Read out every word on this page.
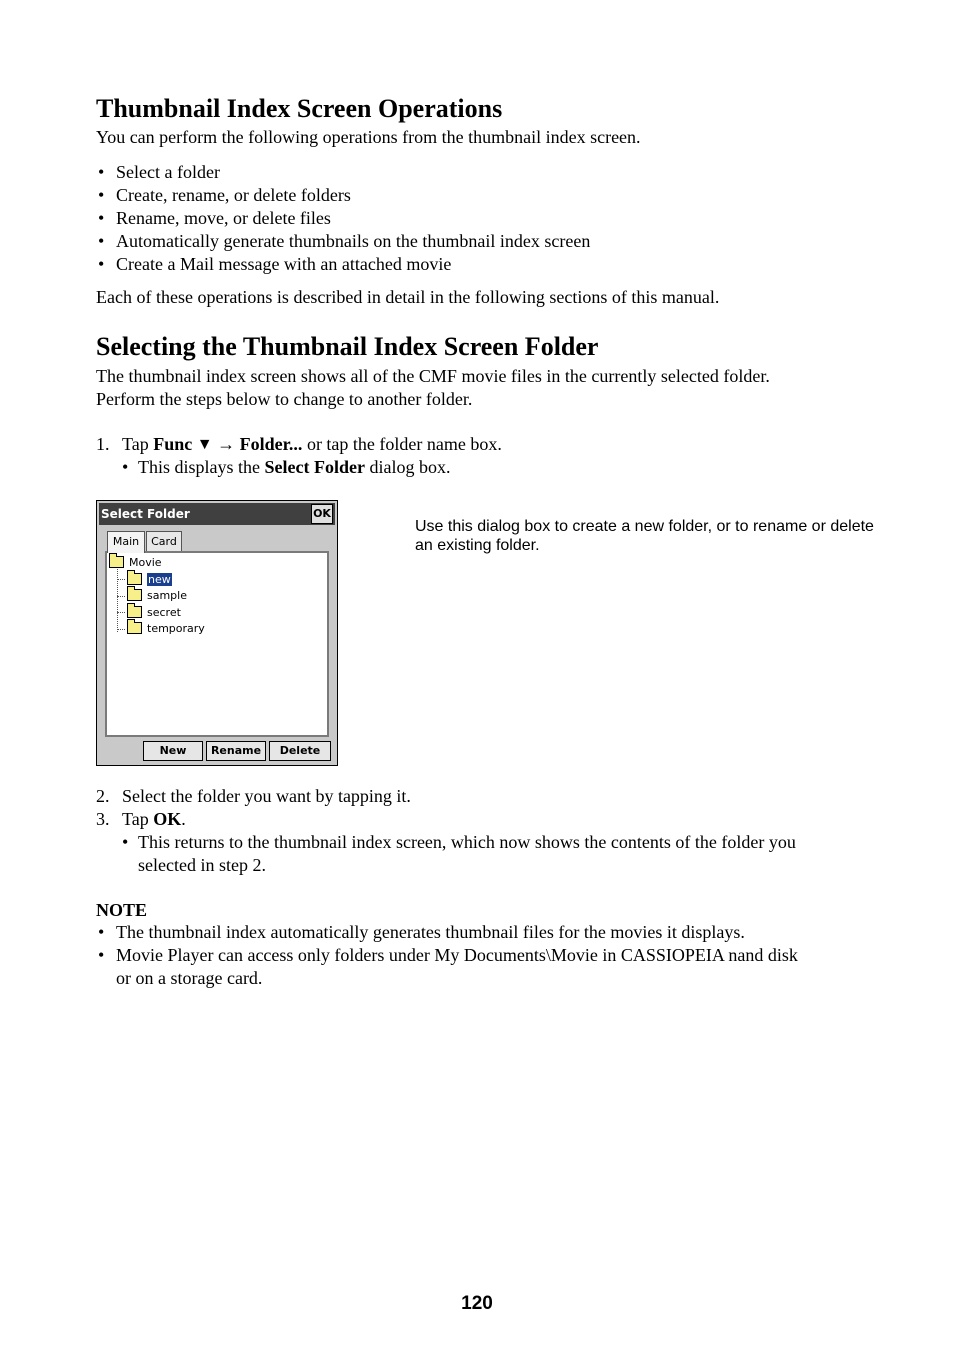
Thumbnail Index Screen Operations

You can perform the following operations from the thumbnail index screen.

• Select a folder
• Create, rename, or delete folders
• Rename, move, or delete files
• Automatically generate thumbnails on the thumbnail index screen
• Create a Mail message with an attached movie

Each of these operations is described in detail in the following sections of this manual.

Selecting the Thumbnail Index Screen Folder

The thumbnail index screen shows all of the CMF movie files in the currently selected folder.

Perform the steps below to change to another folder.

1. Tap Func ▼ → Folder... or tap the folder name box.
• This displays the Select Folder dialog box.
Select Folder	OK
Main	Card
Movie
new
sample
secret
temporary
New	Rename	Delete
Use this dialog box to create a new folder, or to rename or delete an existing folder.
2. Select the folder you want by tapping it.
3. Tap OK.
• This returns to the thumbnail index screen, which now shows the contents of the folder you
selected in step 2.

NOTE

• The thumbnail index automatically generates thumbnail files for the movies it displays.
• Movie Player can access only folders under My Documents\Movie in CASSIOPEIA nand disk
or on a storage card.
120
